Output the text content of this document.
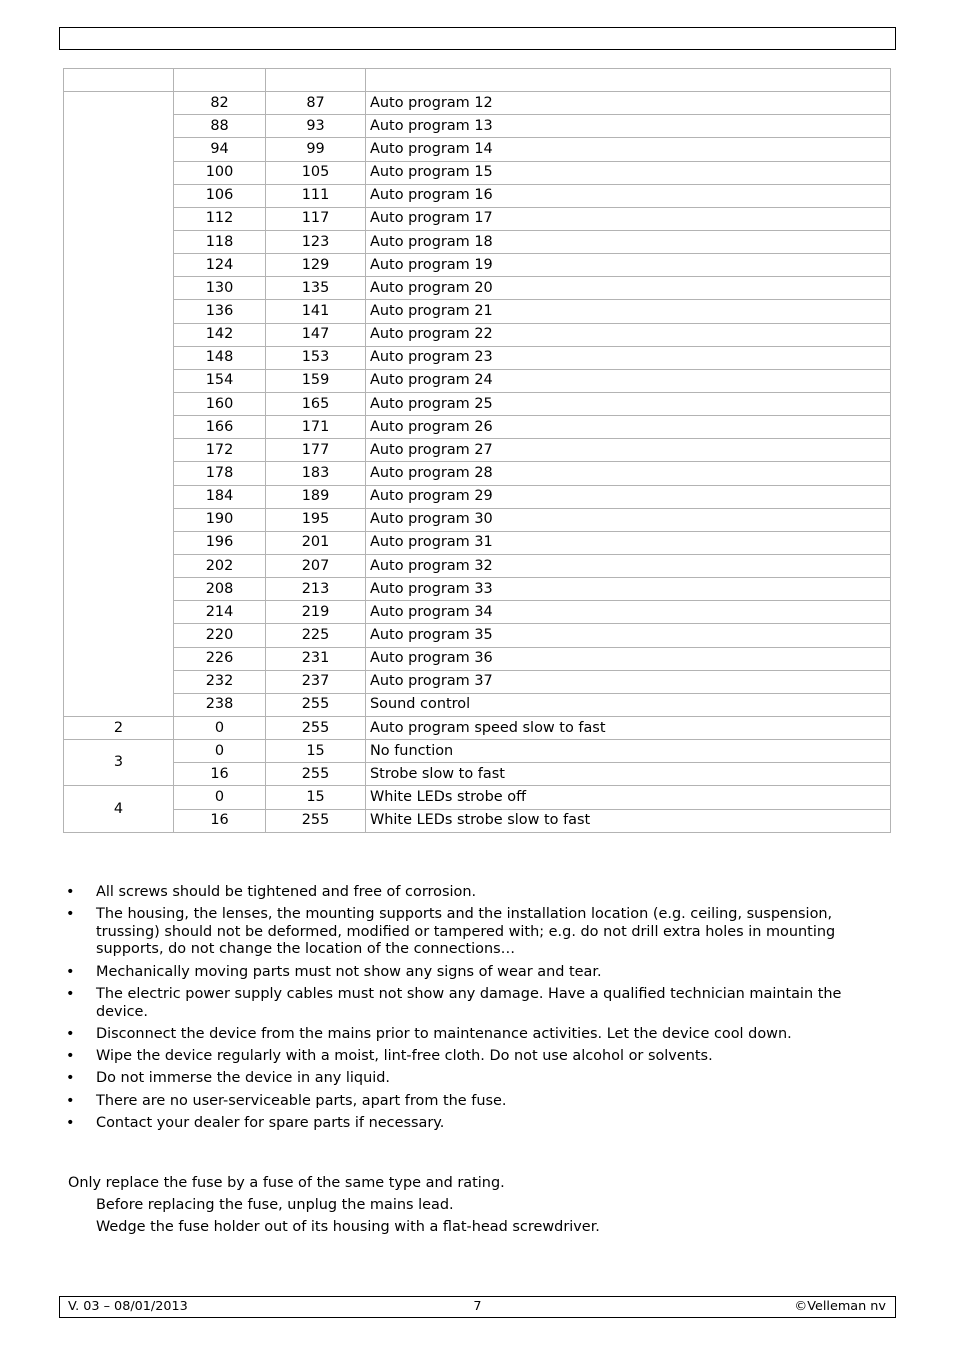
	82	87	Auto program 12
	88	93	Auto program 13
	94	99	Auto program 14
	100	105	Auto program 15
	106	111	Auto program 16
	112	117	Auto program 17
	118	123	Auto program 18
	124	129	Auto program 19
	130	135	Auto program 20
	136	141	Auto program 21
	142	147	Auto program 22
	148	153	Auto program 23
	154	159	Auto program 24
	160	165	Auto program 25
	166	171	Auto program 26
	172	177	Auto program 27
	178	183	Auto program 28
	184	189	Auto program 29
	190	195	Auto program 30
	196	201	Auto program 31
	202	207	Auto program 32
	208	213	Auto program 33
	214	219	Auto program 34
	220	225	Auto program 35
	226	231	Auto program 36
	232	237	Auto program 37
	238	255	Sound control
2	0	255	Auto program speed slow to fast
3	0	15	No function
	16	255	Strobe slow to fast
4	0	15	White LEDs strobe off
	16	255	White LEDs strobe slow to fast
• All screws should be tightened and free of corrosion.
• The housing, the lenses, the mounting supports and the installation location (e.g. ceiling, suspension, trussing) should not be deformed, modified or tampered with; e.g. do not drill extra holes in mounting supports, do not change the location of the connections…
• Mechanically moving parts must not show any signs of wear and tear.
• The electric power supply cables must not show any damage. Have a qualified technician maintain the device.
• Disconnect the device from the mains prior to maintenance activities. Let the device cool down.
• Wipe the device regularly with a moist, lint-free cloth. Do not use alcohol or solvents.
• Do not immerse the device in any liquid.
• There are no user-serviceable parts, apart from the fuse.
• Contact your dealer for spare parts if necessary.

Only replace the fuse by a fuse of the same type and rating.

Before replacing the fuse, unplug the mains lead.

Wedge the fuse holder out of its housing with a flat-head screwdriver.

V. 03 – 08/01/2013	7	©Velleman nv
